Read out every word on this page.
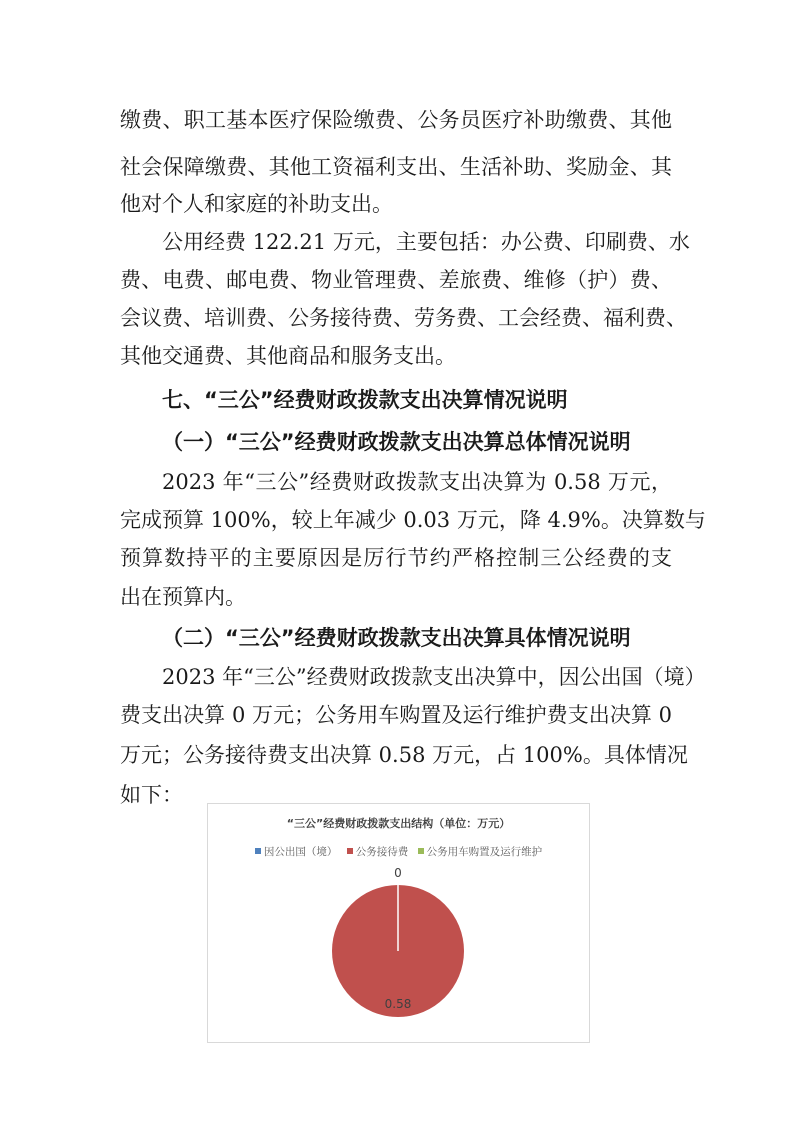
缴费、职工基本医疗保险缴费、公务员医疗补助缴费、其他
社会保障缴费、其他工资福利支出、生活补助、奖励金、其
他对个人和家庭的补助支出。
公用经费 122.21 万元，主要包括：办公费、印刷费、水
费、电费、邮电费、物业管理费、差旅费、维修（护）费、
会议费、培训费、公务接待费、劳务费、工会经费、福利费、
其他交通费、其他商品和服务支出。
七、“三公”经费财政拨款支出决算情况说明
（一）“三公”经费财政拨款支出决算总体情况说明
2023 年“三公”经费财政拨款支出决算为 0.58 万元，
完成预算 100%，较上年减少 0.03 万元，降 4.9%。决算数与
预算数持平的主要原因是厉行节约严格控制三公经费的支
出在预算内。
（二）“三公”经费财政拨款支出决算具体情况说明
2023 年“三公”经费财政拨款支出决算中，因公出国（境）
费支出决算 0 万元；公务用车购置及运行维护费支出决算 0
万元；公务接待费支出决算 0.58 万元，占 100%。具体情况
如下：
“三公”经费财政拨款支出结构（单位：万元）
因公出国（境） 公务接待费 公务用车购置及运行维护
0
0.58
